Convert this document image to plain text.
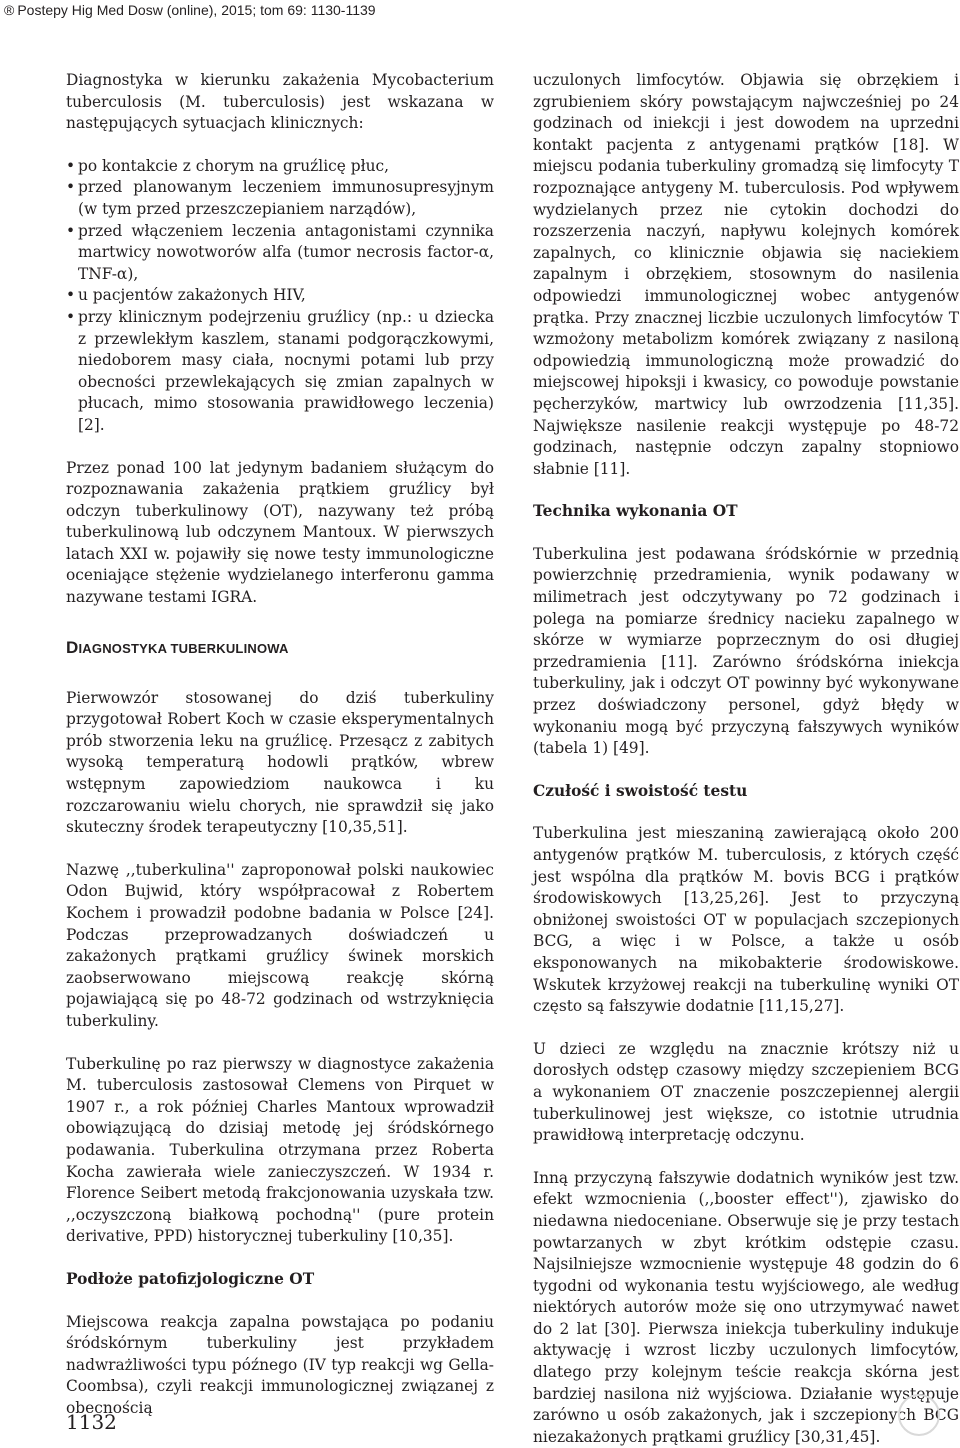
® Postepy Hig Med Dosw (online), 2015; tom 69: 1130-1139

Diagnostyka w kierunku zakażenia Mycobacterium tuberculosis (M. tuberculosis) jest wskazana w następujących sytuacjach klinicznych:

• po kontakcie z chorym na gruźlicę płuc,
• przed planowanym leczeniem immunosupresyjnym (w tym przed przeszczepianiem narządów),
• przed włączeniem leczenia antagonistami czynnika martwicy nowotworów alfa (tumor necrosis factor-α, TNF-α),
• u pacjentów zakażonych HIV,
• przy klinicznym podejrzeniu gruźlicy (np.: u dziecka z przewlekłym kaszlem, stanami podgorączkowymi, niedoborem masy ciała, nocnymi potami lub przy obecności przewlekających się zmian zapalnych w płucach, mimo stosowania prawidłowego leczenia) [2].

Przez ponad 100 lat jedynym badaniem służącym do rozpoznawania zakażenia prątkiem gruźlicy był odczyn tuberkulinowy (OT), nazywany też próbą tuberkulinową lub odczynem Mantoux. W pierwszych latach XXI w. pojawiły się nowe testy immunologiczne oceniające stężenie wydzielanego interferonu gamma nazywane testami IGRA.

DIAGNOSTYKA TUBERKULINOWA

Pierwowzór stosowanej do dziś tuberkuliny przygotował Robert Koch w czasie eksperymentalnych prób stworzenia leku na gruźlicę. Przesącz z zabitych wysoką temperaturą hodowli prątków, wbrew wstępnym zapowiedziom naukowca i ku rozczarowaniu wielu chorych, nie sprawdził się jako skuteczny środek terapeutyczny [10,35,51].

Nazwę ,,tuberkulina'' zaproponował polski naukowiec Odon Bujwid, który współpracował z Robertem Kochem i prowadził podobne badania w Polsce [24]. Podczas przeprowadzanych doświadczeń u zakażonych prątkami gruźlicy świnek morskich zaobserwowano miejscową reakcję skórną pojawiającą się po 48-72 godzinach od wstrzyknięcia tuberkuliny.

Tuberkulinę po raz pierwszy w diagnostyce zakażenia M. tuberculosis zastosował Clemens von Pirquet w 1907 r., a rok później Charles Mantoux wprowadził obowiązującą do dzisiaj metodę jej śródskórnego podawania. Tuberkulina otrzymana przez Roberta Kocha zawierała wiele zanieczyszczeń. W 1934 r. Florence Seibert metodą frakcjonowania uzyskała tzw. ,,oczyszczoną białkową pochodną'' (pure protein derivative, PPD) historycznej tuberkuliny [10,35].

Podłoże patofizjologiczne OT

Miejscowa reakcja zapalna powstająca po podaniu śródskórnym tuberkuliny jest przykładem nadwrażliwości typu późnego (IV typ reakcji wg Gella-Coombsa), czyli reakcji immunologicznej związanej z obecnością

uczulonych limfocytów. Objawia się obrzękiem i zgrubieniem skóry powstającym najwcześniej po 24 godzinach od iniekcji i jest dowodem na uprzedni kontakt pacjenta z antygenami prątków [18]. W miejscu podania tuberkuliny gromadzą się limfocyty T rozpoznające antygeny M. tuberculosis. Pod wpływem wydzielanych przez nie cytokin dochodzi do rozszerzenia naczyń, napływu kolejnych komórek zapalnych, co klinicznie objawia się naciekiem zapalnym i obrzękiem, stosownym do nasilenia odpowiedzi immunologicznej wobec antygenów prątka. Przy znacznej liczbie uczulonych limfocytów T wzmożony metabolizm komórek związany z nasiloną odpowiedzią immunologiczną może prowadzić do miejscowej hipoksji i kwasicy, co powoduje powstanie pęcherzyków, martwicy lub owrzodzenia [11,35]. Największe nasilenie reakcji występuje po 48-72 godzinach, następnie odczyn zapalny stopniowo słabnie [11].

Technika wykonania OT

Tuberkulina jest podawana śródskórnie w przednią powierzchnię przedramienia, wynik podawany w milimetrach jest odczytywany po 72 godzinach i polega na pomiarze średnicy nacieku zapalnego w skórze w wymiarze poprzecznym do osi długiej przedramienia [11]. Zarówno śródskórna iniekcja tuberkuliny, jak i odczyt OT powinny być wykonywane przez doświadczony personel, gdyż błędy w wykonaniu mogą być przyczyną fałszywych wyników (tabela 1) [49].

Czułość i swoistość testu

Tuberkulina jest mieszaniną zawierającą około 200 antygenów prątków M. tuberculosis, z których część jest wspólna dla prątków M. bovis BCG i prątków środowiskowych [13,25,26]. Jest to przyczyną obniżonej swoistości OT w populacjach szczepionych BCG, a więc i w Polsce, a także u osób eksponowanych na mikobakterie środowiskowe. Wskutek krzyżowej reakcji na tuberkulinę wyniki OT często są fałszywie dodatnie [11,15,27].

U dzieci ze względu na znacznie krótszy niż u dorosłych odstęp czasowy między szczepieniem BCG a wykonaniem OT znaczenie poszczepiennej alergii tuberkulinowej jest większe, co istotnie utrudnia prawidłową interpretację odczynu.

Inną przyczyną fałszywie dodatnich wyników jest tzw. efekt wzmocnienia (,,booster effect''), zjawisko do niedawna niedoceniane. Obserwuje się je przy testach powtarzanych w zbyt krótkim odstępie czasu. Najsilniejsze wzmocnienie występuje 48 godzin do 6 tygodni od wykonania testu wyjściowego, ale według niektórych autorów może się ono utrzymywać nawet do 2 lat [30]. Pierwsza iniekcja tuberkuliny indukuje aktywację i wzrost liczby uczulonych limfocytów, dlatego przy kolejnym teście reakcja skórna jest bardziej nasilona niż wyjściowa. Działanie występuje zarówno u osób zakażonych, jak i szczepionych BCG niezakażonych prątkami gruźlicy [30,31,45].

1132
